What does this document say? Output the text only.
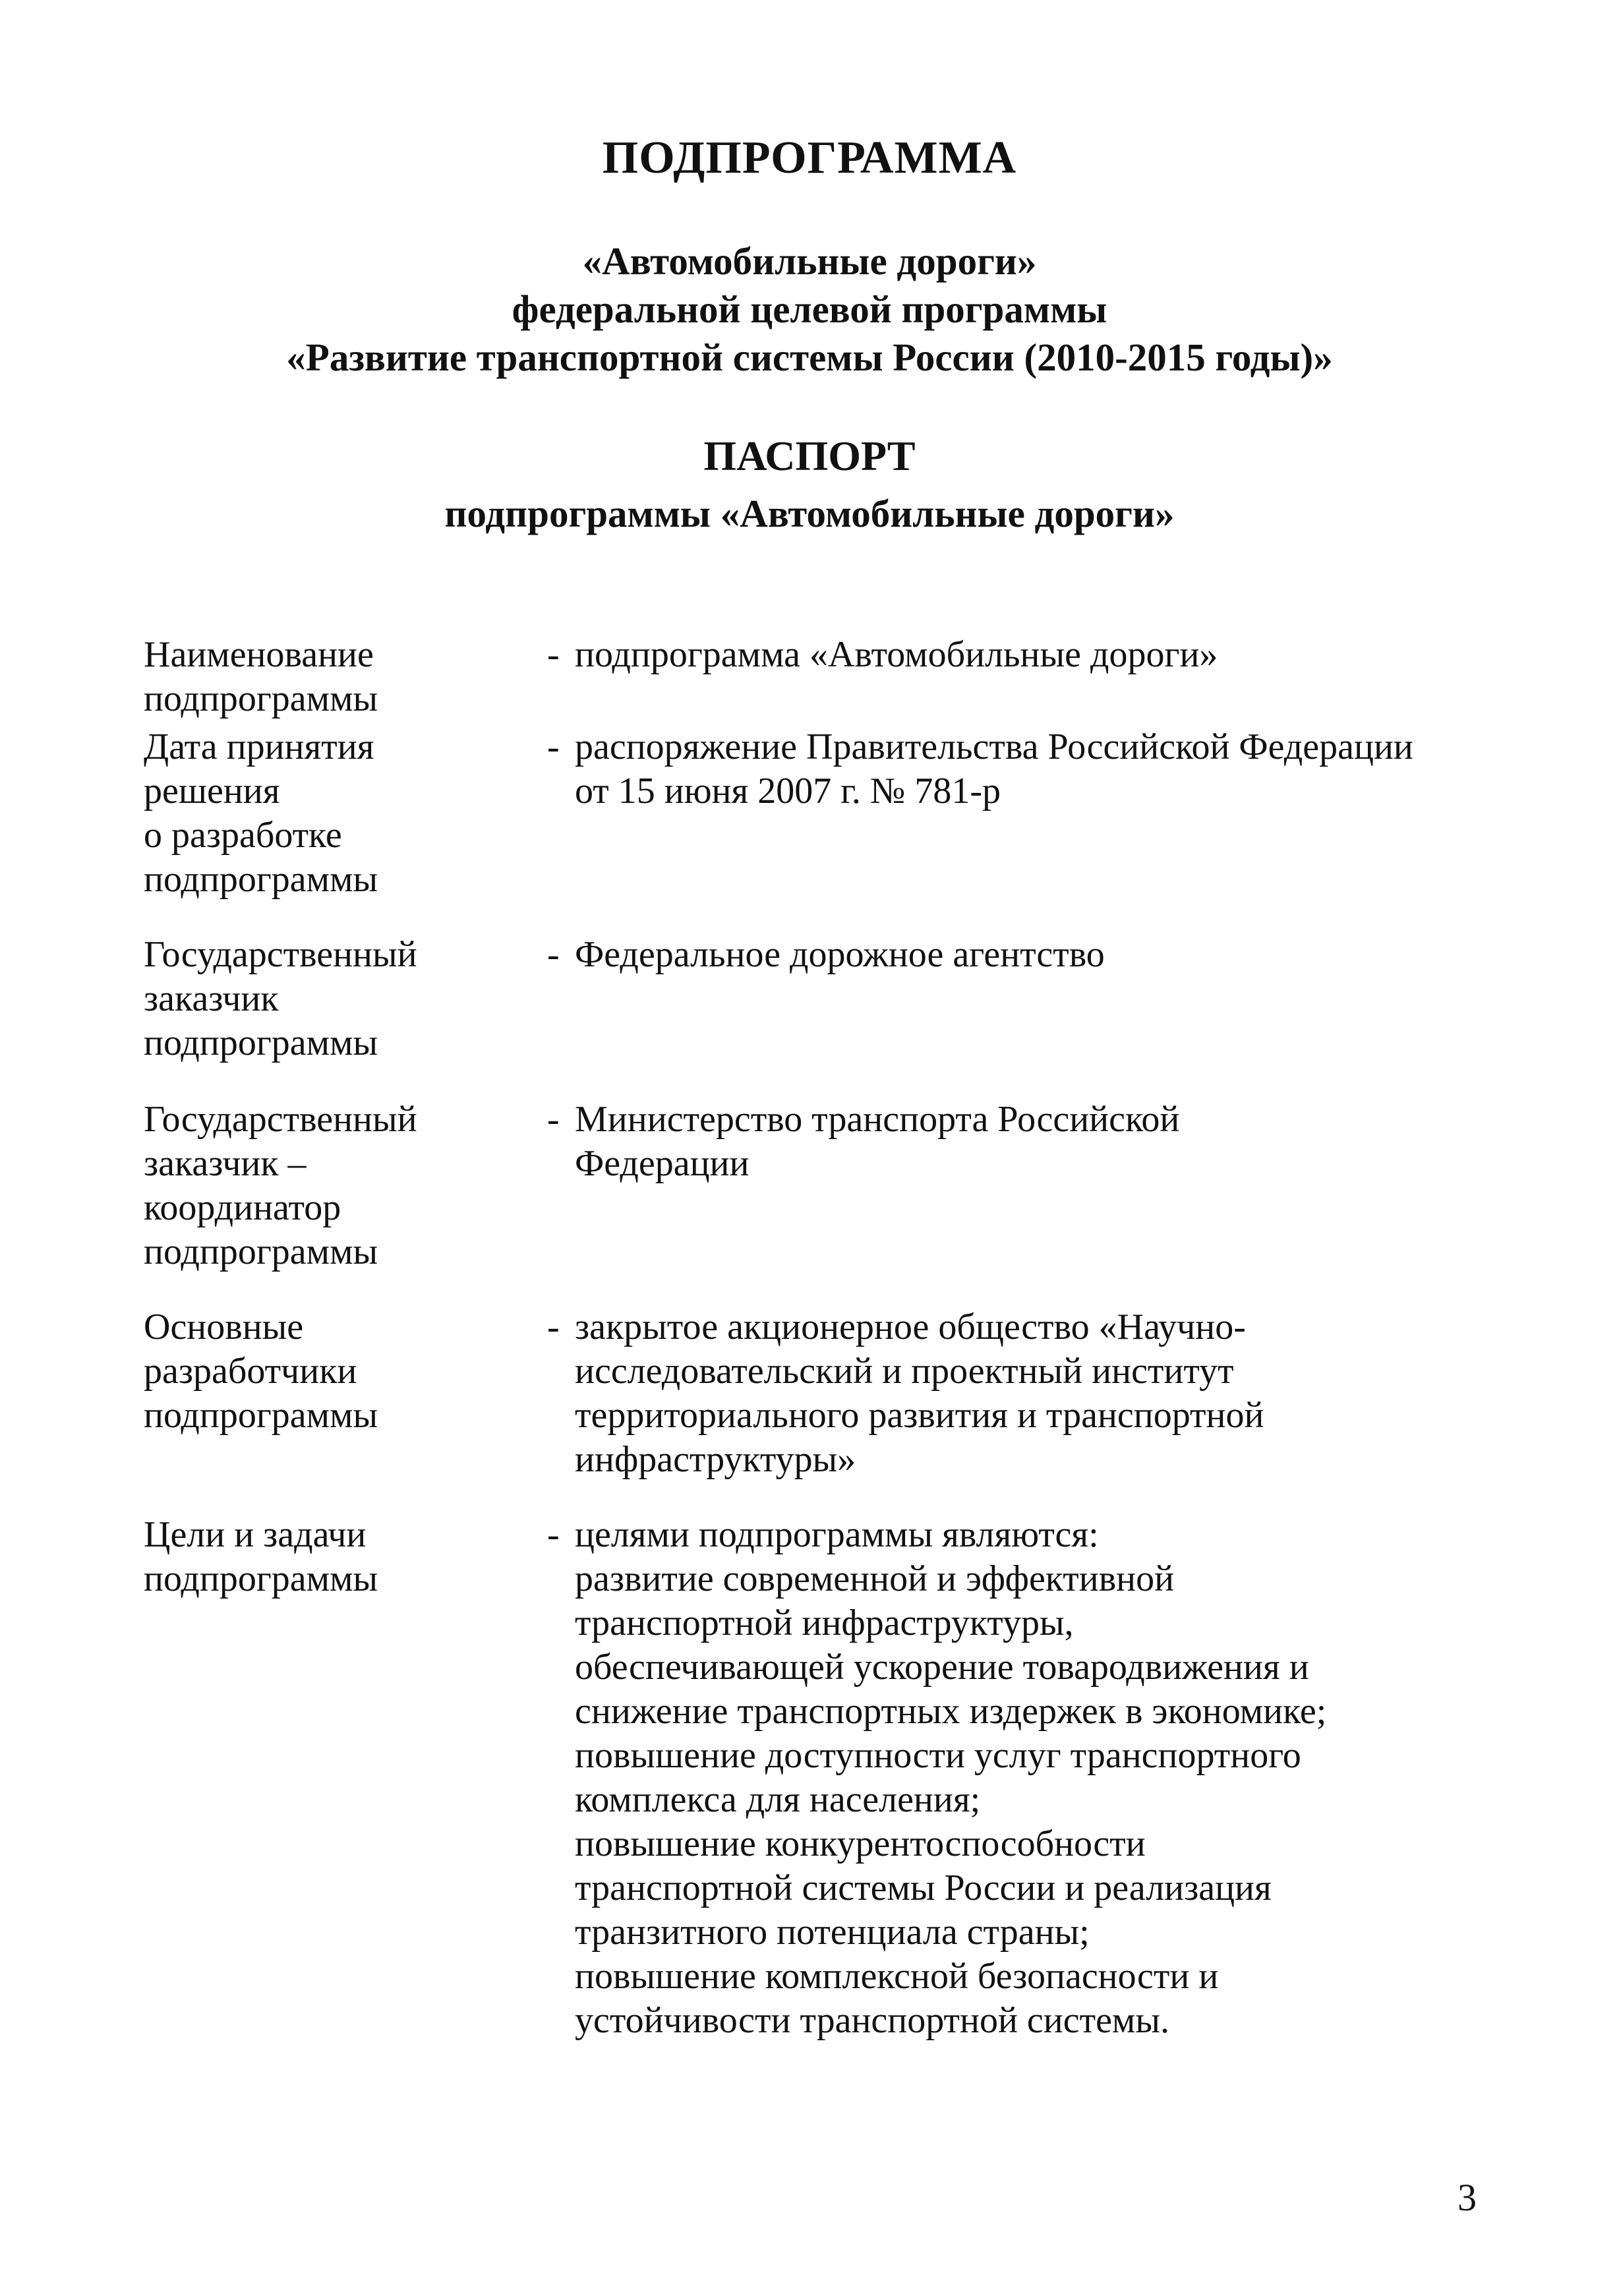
ПОДПРОГРАММА
«Автомобильные дороги»
федеральной целевой программы
«Развитие транспортной системы России (2010-2015 годы)»
ПАСПОРТ
подпрограммы «Автомобильные дороги»
Наименование
подпрограммы
- подпрограмма «Автомобильные дороги»
Дата принятия
решения
о разработке
подпрограммы
- распоряжение Правительства Российской Федерации
от 15 июня 2007 г. № 781-р
Государственный
заказчик
подпрограммы
- Федеральное дорожное агентство
Государственный
заказчик –
координатор
подпрограммы
- Министерство транспорта Российской
Федерации
Основные
разработчики
подпрограммы
- закрытое акционерное общество «Научно-
исследовательский и проектный институт
территориального развития и транспортной
инфраструктуры»
Цели и задачи
подпрограммы
- целями подпрограммы являются:
развитие современной и эффективной
транспортной инфраструктуры,
обеспечивающей ускорение товародвижения и
снижение транспортных издержек в экономике;
повышение доступности услуг транспортного
комплекса для населения;
повышение конкурентоспособности
транспортной системы России и реализация
транзитного потенциала страны;
повышение комплексной безопасности и
устойчивости транспортной системы.
3
